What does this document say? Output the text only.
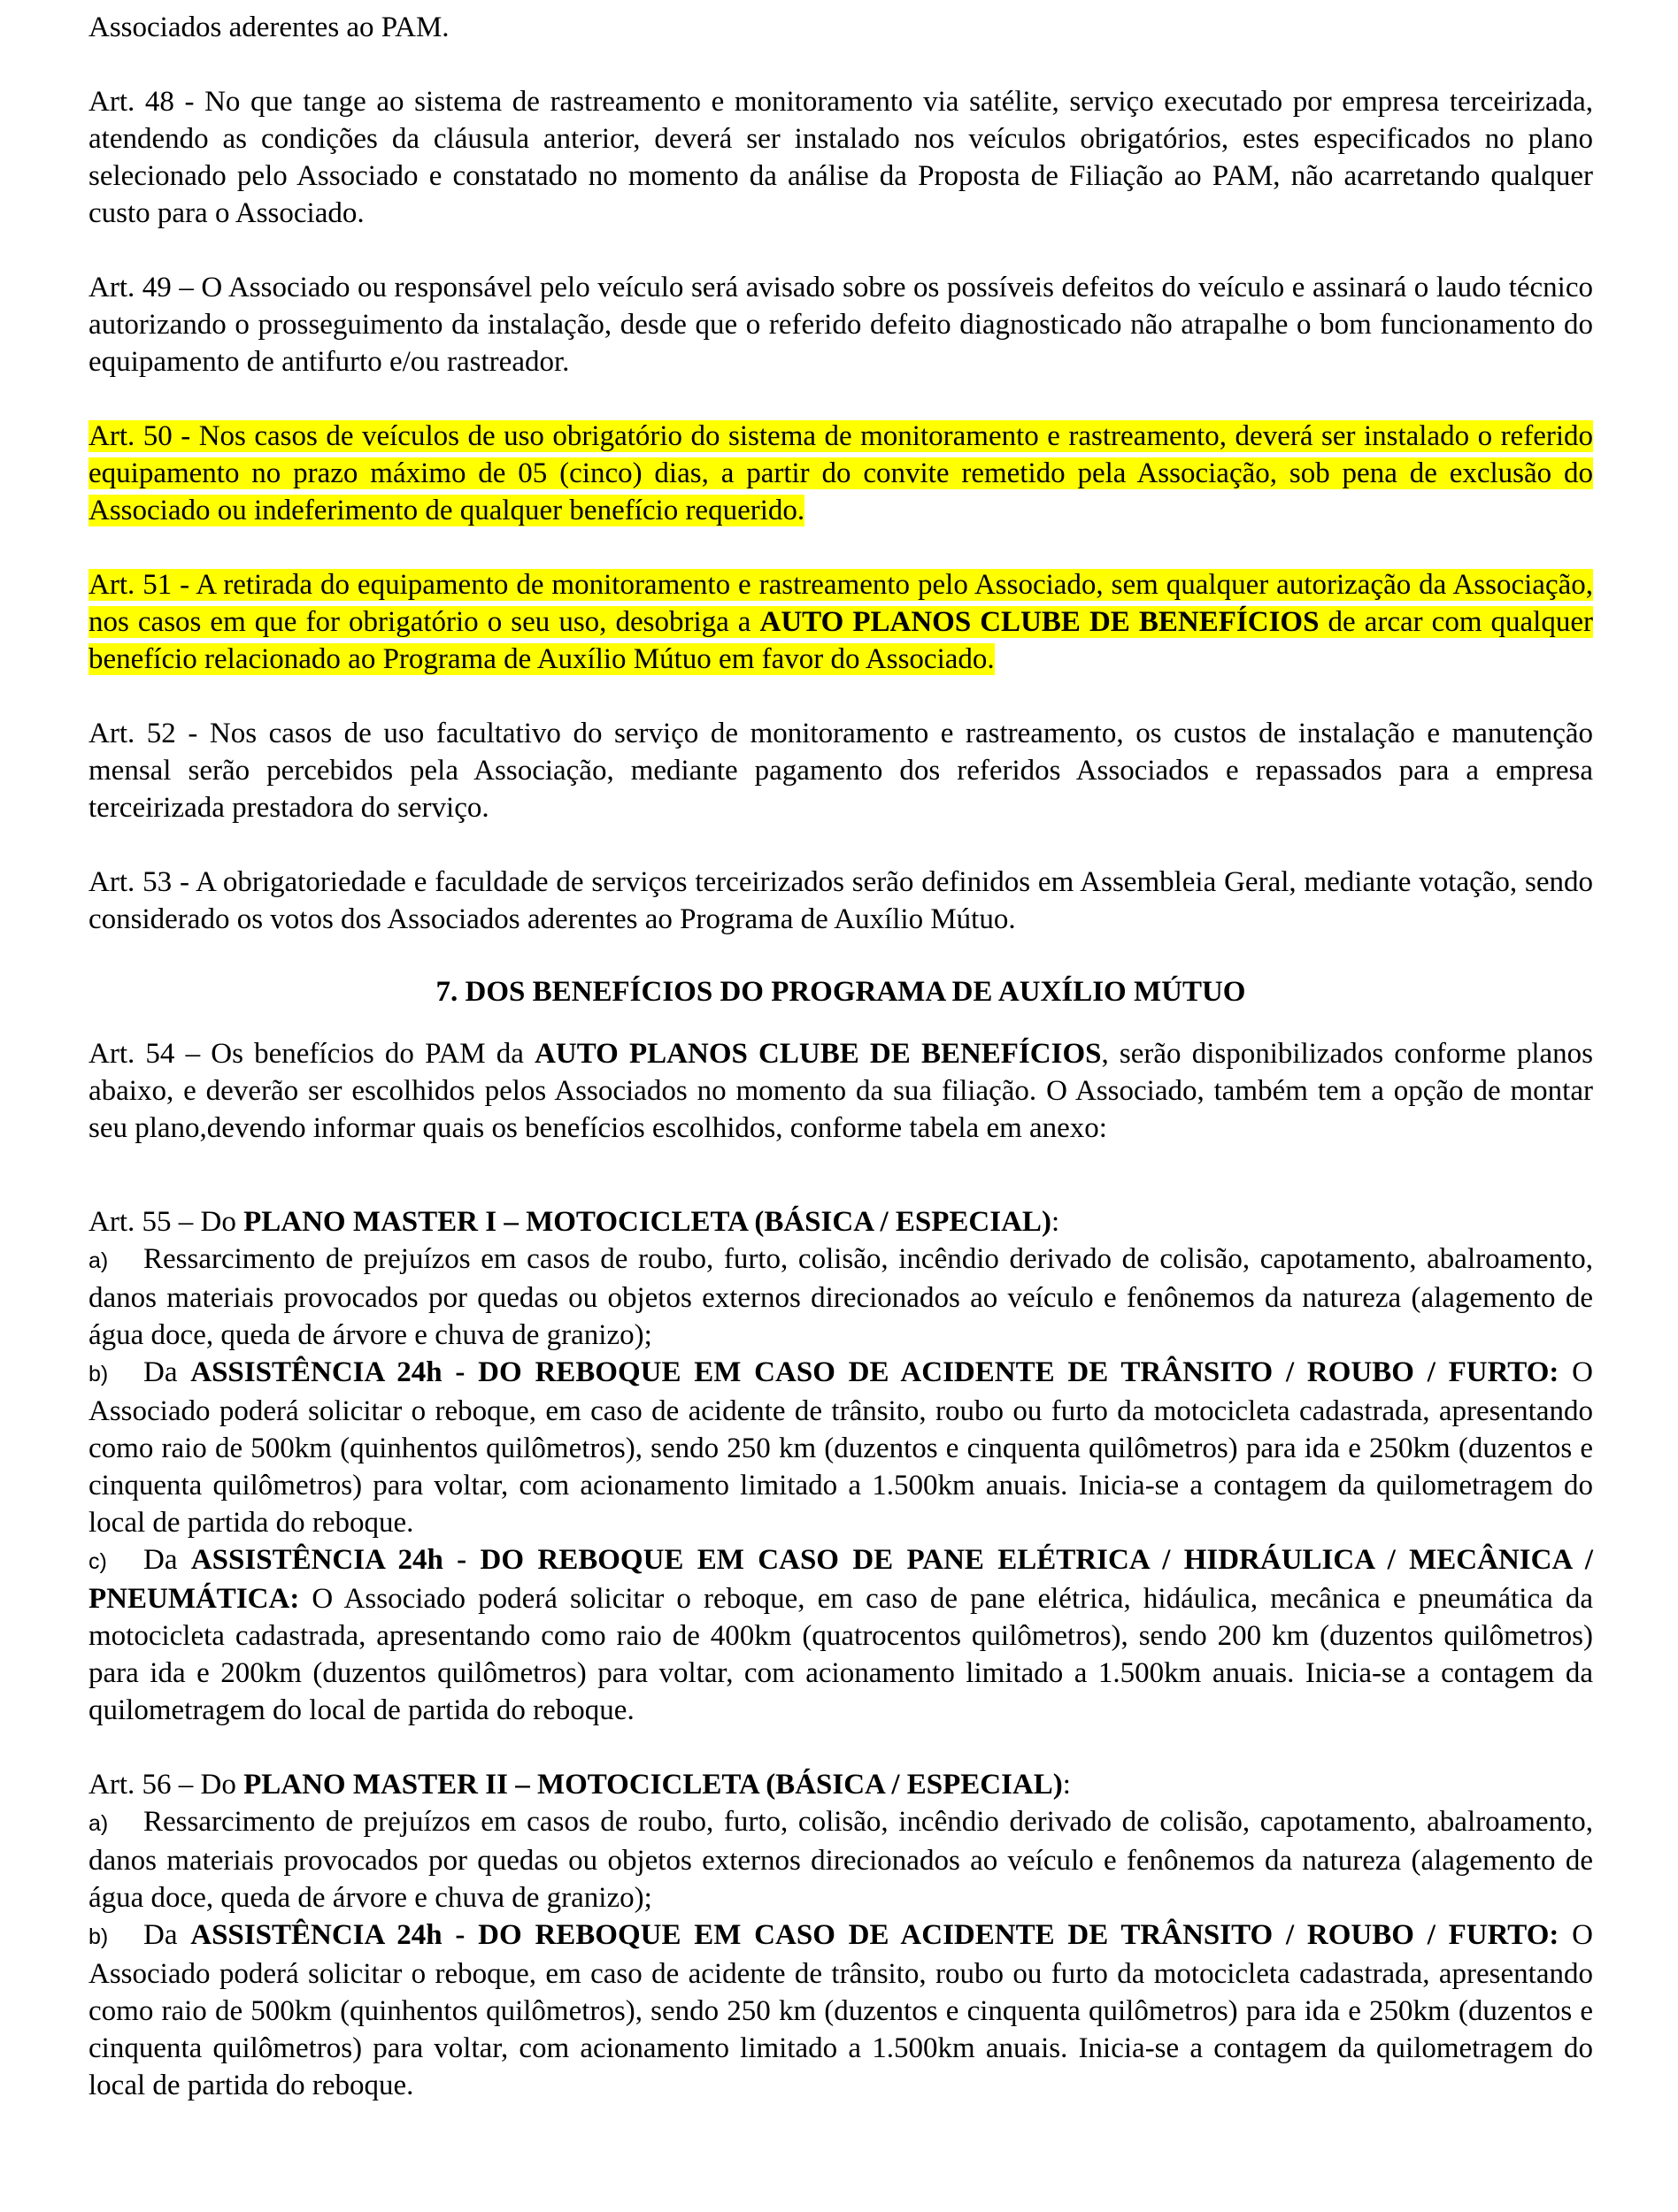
Associados aderentes ao PAM.

Art. 48 - No que tange ao sistema de rastreamento e monitoramento via satélite, serviço executado por empresa terceirizada, atendendo as condições da cláusula anterior, deverá ser instalado nos veículos obrigatórios, estes especificados no plano selecionado pelo Associado e constatado no momento da análise da Proposta de Filiação ao PAM, não acarretando qualquer custo para o Associado.

Art. 49 – O Associado ou responsável pelo veículo será avisado sobre os possíveis defeitos do veículo e assinará o laudo técnico autorizando o prosseguimento da instalação, desde que o referido defeito diagnosticado não atrapalhe o bom funcionamento do equipamento de antifurto e/ou rastreador.

Art. 50 - Nos casos de veículos de uso obrigatório do sistema de monitoramento e rastreamento, deverá ser instalado o referido equipamento no prazo máximo de 05 (cinco) dias, a partir do convite remetido pela Associação, sob pena de exclusão do Associado ou indeferimento de qualquer benefício requerido.

Art. 51 - A retirada do equipamento de monitoramento e rastreamento pelo Associado, sem qualquer autorização da Associação, nos casos em que for obrigatório o seu uso, desobriga a AUTO PLANOS CLUBE DE BENEFÍCIOS de arcar com qualquer benefício relacionado ao Programa de Auxílio Mútuo em favor do Associado.

Art. 52 - Nos casos de uso facultativo do serviço de monitoramento e rastreamento, os custos de instalação e manutenção mensal serão percebidos pela Associação, mediante pagamento dos referidos Associados e repassados para a empresa terceirizada prestadora do serviço.

Art. 53 - A obrigatoriedade e faculdade de serviços terceirizados serão definidos em Assembleia Geral, mediante votação, sendo considerado os votos dos Associados aderentes ao Programa de Auxílio Mútuo.

7. DOS BENEFÍCIOS DO PROGRAMA DE AUXÍLIO MÚTUO

Art. 54 – Os benefícios do PAM da AUTO PLANOS CLUBE DE BENEFÍCIOS, serão disponibilizados conforme planos abaixo, e deverão ser escolhidos pelos Associados no momento da sua filiação. O Associado, também tem a opção de montar seu plano,devendo informar quais os benefícios escolhidos, conforme tabela em anexo:

Art. 55 – Do PLANO MASTER I – MOTOCICLETA (BÁSICA / ESPECIAL):

a) Ressarcimento de prejuízos em casos de roubo, furto, colisão, incêndio derivado de colisão, capotamento, abalroamento, danos materiais provocados por quedas ou objetos externos direcionados ao veículo e fenônemos da natureza (alagemento de água doce, queda de árvore e chuva de granizo);

b) Da ASSISTÊNCIA 24h - DO REBOQUE EM CASO DE ACIDENTE DE TRÂNSITO / ROUBO / FURTO: O Associado poderá solicitar o reboque, em caso de acidente de trânsito, roubo ou furto da motocicleta cadastrada, apresentando como raio de 500km (quinhentos quilômetros), sendo 250 km (duzentos e cinquenta quilômetros) para ida e 250km (duzentos e cinquenta quilômetros) para voltar, com acionamento limitado a 1.500km anuais. Inicia-se a contagem da quilometragem do local de partida do reboque.

c) Da ASSISTÊNCIA 24h - DO REBOQUE EM CASO DE PANE ELÉTRICA / HIDRÁULICA / MECÂNICA / PNEUMÁTICA: O Associado poderá solicitar o reboque, em caso de pane elétrica, hidáulica, mecânica e pneumática da motocicleta cadastrada, apresentando como raio de 400km (quatrocentos quilômetros), sendo 200 km (duzentos quilômetros) para ida e 200km (duzentos quilômetros) para voltar, com acionamento limitado a 1.500km anuais. Inicia-se a contagem da quilometragem do local de partida do reboque.

Art. 56 – Do PLANO MASTER II – MOTOCICLETA (BÁSICA / ESPECIAL):

a) Ressarcimento de prejuízos em casos de roubo, furto, colisão, incêndio derivado de colisão, capotamento, abalroamento, danos materiais provocados por quedas ou objetos externos direcionados ao veículo e fenônemos da natureza (alagemento de água doce, queda de árvore e chuva de granizo);

b) Da ASSISTÊNCIA 24h - DO REBOQUE EM CASO DE ACIDENTE DE TRÂNSITO / ROUBO / FURTO: O Associado poderá solicitar o reboque, em caso de acidente de trânsito, roubo ou furto da motocicleta cadastrada, apresentando como raio de 500km (quinhentos quilômetros), sendo 250 km (duzentos e cinquenta quilômetros) para ida e 250km (duzentos e cinquenta quilômetros) para voltar, com acionamento limitado a 1.500km anuais. Inicia-se a contagem da quilometragem do local de partida do reboque.
